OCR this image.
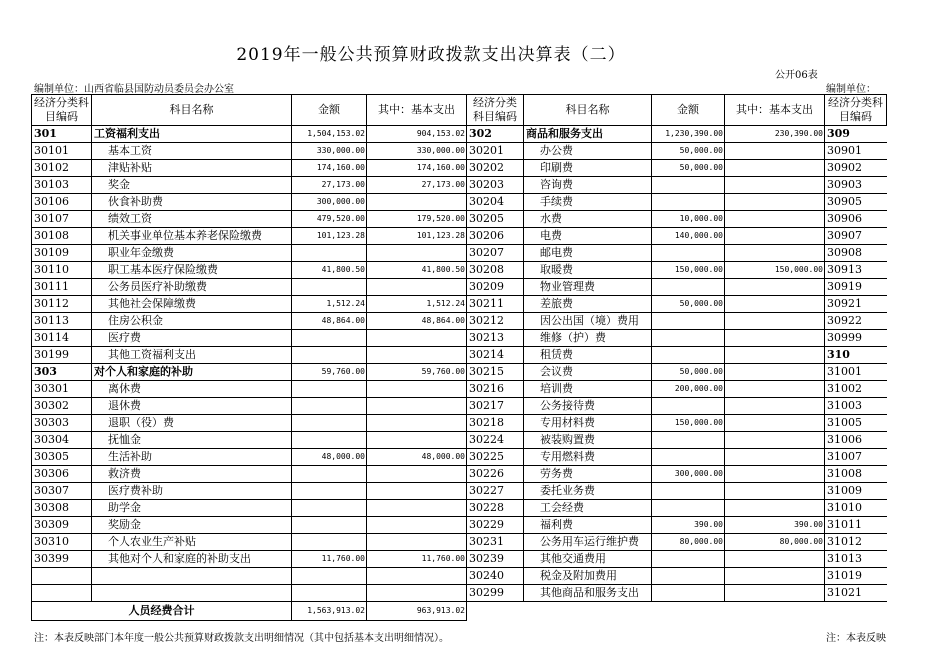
2019年一般公共预算财政拨款支出决算表（二）
公开06表
编制单位：山西省临县国防动员委员会办公室	编制单位：
经济分类科目编码	科目名称	金额	其中：基本支出	经济分类科目编码	科目名称	金额	其中：基本支出	经济分类科目编码
301	工资福利支出	1,504,153.02	904,153.02	302	商品和服务支出	1,230,390.00	230,390.00	309
30101	基本工资	330,000.00	330,000.00	30201	办公费	50,000.00		30901
30102	津贴补贴	174,160.00	174,160.00	30202	印刷费	50,000.00		30902
30103	奖金	27,173.00	27,173.00	30203	咨询费			30903
30106	伙食补助费	300,000.00		30204	手续费			30905
30107	绩效工资	479,520.00	179,520.00	30205	水费	10,000.00		30906
30108	机关事业单位基本养老保险缴费	101,123.28	101,123.28	30206	电费	140,000.00		30907
30109	职业年金缴费			30207	邮电费			30908
30110	职工基本医疗保险缴费	41,800.50	41,800.50	30208	取暖费	150,000.00	150,000.00	30913
30111	公务员医疗补助缴费			30209	物业管理费			30919
30112	其他社会保障缴费	1,512.24	1,512.24	30211	差旅费	50,000.00		30921
30113	住房公积金	48,864.00	48,864.00	30212	因公出国（境）费用			30922
30114	医疗费			30213	维修（护）费			30999
30199	其他工资福利支出			30214	租赁费			310
303	对个人和家庭的补助	59,760.00	59,760.00	30215	会议费	50,000.00		31001
30301	离休费			30216	培训费	200,000.00		31002
30302	退休费			30217	公务接待费			31003
30303	退职（役）费			30218	专用材料费	150,000.00		31005
30304	抚恤金			30224	被装购置费			31006
30305	生活补助	48,000.00	48,000.00	30225	专用燃料费			31007
30306	救济费			30226	劳务费	300,000.00		31008
30307	医疗费补助			30227	委托业务费			31009
30308	助学金			30228	工会经费			31010
30309	奖励金			30229	福利费	390.00	390.00	31011
30310	个人农业生产补贴			30231	公务用车运行维护费	80,000.00	80,000.00	31012
30399	其他对个人和家庭的补助支出	11,760.00	11,760.00	30239	其他交通费用			31013
				30240	税金及附加费用			31019
				30299	其他商品和服务支出			31021
人员经费合计		1,563,913.02	963,913.02					
注：本表反映部门本年度一般公共预算财政拨款支出明细情况（其中包括基本支出明细情况）。	注：本表反映
